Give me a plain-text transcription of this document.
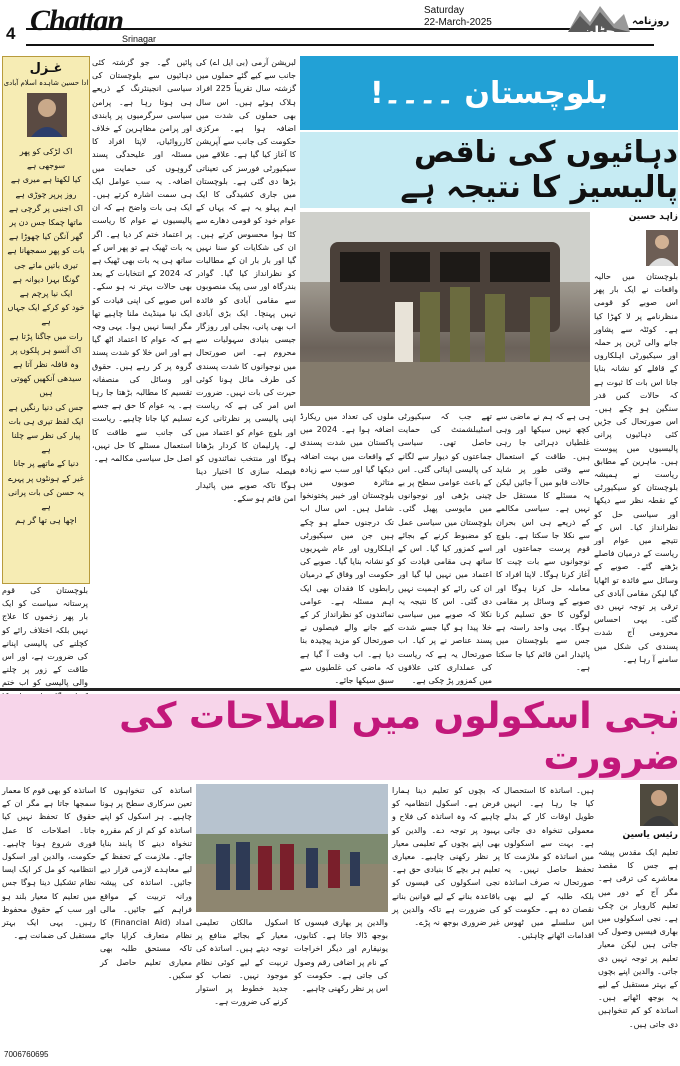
4 Chattan
Srinagar
Saturday
22-March-2025
چٹان
روزنامہ
غـزل
ادا حسین شاہدہ اسلام آبادی
اک لڑکی کو پھر سوجھی ہے
کیا لکھتا ہے میری ہے
روز پرپر چوڑی ہے
اک اجنبی پر گرچی ہے
ماتھا چمکا جس دن پر
گھر آنگن کیا چھوڑا ہے
بات کو پھر سمجھانا ہے
تیری باتیں ماتے جی
گونگا بہرا دیوانہ ہے
ایک نیا پرچم ہے
خود کو کرکے ایک جہاں ہے
رات میں جاگنا پڑتا ہے
اک آنسو ہر پلکوں پر
وہ قافلہ نظر آتا ہے
سیدھی آنکھیں کھوتی ہیں
جس کی دنیا رنگیں ہے
ایک لفظ تیری ہی بات
پیار کی نظر سے چلنا ہے
دنیا کے ماتھے پر جانا
غیر کے ہونٹوں پر پہرے
یہ حسن کی بات پرانی ہے
اچھا ہی تھا گر ہم
بلوچستان کی قوم پرستانہ سیاست کو ایک بار پھر زخموں کا علاج نہیں بلکہ اختلاف رائے کو کچلنے کی پالیسی اپنانے کی ضرورت ہے، اور اس طاقت کے زور پر چلنے والی پالیسی کو اب ختم
پائیں گے۔ جو گزشتہ کئی دہائیوں سے بلوچستان کی سیاسی انجینئرنگ کے ذریعے ہی ہوتا رہا ہے۔ پرامن سیاسی سرگرمیوں پر پابندی اور پرامن مظاہرین کے خلاف کارروائیاں، لاپتا افراد کا مسئلہ اور علیحدگی پسند گروہوں کی حمایت میں اضافہ۔ یہ سب عوامل ایک ہی سمت اشارہ کرتے ہیں۔ ایک ہی بات واضح ہے کہ ان پالیسیوں نے عوام کا ریاست پر اعتماد ختم کر دیا ہے۔ اگر یہ بات ٹھیک ہے تو پھر اس کے ساتھ ہی یہ بات بھی ٹھیک ہے کہ 2024 کے انتخابات کے بعد بھی حالات بہتر نہ ہو سکے۔ اس صوبے کی اپنی قیادت کو ایک نیا مینڈیٹ ملنا چاہیے تھا مگر ایسا نہیں ہوا۔ یہی وجہ ہے کہ عوام کا اعتماد اٹھ گیا ہے اور اس خلا کو شدت پسند گروہ پر کر رہے ہیں۔ حقوق اور وسائل کی منصفانہ تقسیم کا مطالبہ بڑھتا جا رہا ہے۔ یہ عوام کا حق ہے جسے تسلیم کیا جانا چاہیے۔ ریاست کی جانب سے طاقت کا استعمال مسئلے کا حل نہیں، اصل حل سیاسی مکالمہ ہے۔
لبریشن آرمی (بی ایل اے) کی جانب سے کیے گئے حملوں میں گزشتہ سال تقریباً 225 افراد ہلاک ہوئے ہیں۔ اس سال بھی حملوں کی شدت میں اضافہ ہوا ہے۔ مرکزی حکومت کی جانب سے آپریشن کا آغاز کیا گیا ہے۔ علاقے میں سیکیورٹی فورسز کی تعیناتی بڑھا دی گئی ہے۔ بلوچستان میں جاری کشیدگی کا ایک اہم پہلو یہ ہے کہ یہاں کے عوام خود کو قومی دھارے سے کٹا ہوا محسوس کرتے ہیں۔ ان کی شکایات کو سنا نہیں گیا اور بار بار ان کے مطالبات کو نظرانداز کیا گیا۔ گوادر بندرگاہ اور سی پیک منصوبوں سے مقامی آبادی کو فائدہ نہیں پہنچا۔ ایک بڑی آبادی اب بھی پانی، بجلی اور روزگار جیسی بنیادی سہولیات سے محروم ہے۔ اس صورتحال میں نوجوانوں کا شدت پسندی کی طرف مائل ہونا کوئی حیرت کی بات نہیں۔ ضرورت اس امر کی ہے کہ ریاست اپنی پالیسی پر نظرثانی کرے اور بلوچ عوام کو اعتماد میں لے۔ پارلیمان کا کردار بڑھانا ہوگا اور منتخب نمائندوں کو فیصلہ سازی کا اختیار دینا ہوگا تاکہ صوبے میں پائیدار امن قائم ہو سکے۔
بلوچستان ۔۔۔۔!
دہائیوں کی ناقص پالیسیز کا نتیجہ ہے
زاہد حسین
بلوچستان میں حالیہ واقعات نے ایک بار پھر اس صوبے کو قومی منظرنامے پر لا کھڑا کیا ہے۔ کوئٹہ سے پشاور جانے والی ٹرین پر حملہ اور سیکیورٹی اہلکاروں کے قافلے کو نشانہ بنایا جانا اس بات کا ثبوت ہے کہ حالات کس قدر سنگین ہو چکے ہیں۔ اس صورتحال کی جڑیں کئی دہائیوں پرانی پالیسیوں میں پیوست ہیں۔ ماہرین کے مطابق ریاست نے ہمیشہ بلوچستان کو سیکیورٹی کے نقطہ نظر سے دیکھا اور سیاسی حل کو نظرانداز کیا۔ اس کے نتیجے میں عوام اور ریاست کے درمیان فاصلے بڑھتے گئے۔ صوبے کے وسائل سے فائدہ تو اٹھایا گیا لیکن مقامی آبادی کی ترقی پر توجہ نہیں دی گئی۔ یہی احساس محرومی آج شدت پسندی کی شکل میں سامنے آ رہا ہے۔
ملوں کی تعداد میں ریکارڈ اضافہ ہوا ہے۔ 2024 میں پاکستان میں شدت پسندی کے واقعات میں بہت اضافہ دیکھا گیا اور سب سے زیادہ متاثرہ صوبوں میں بلوچستان اور خیبر پختونخوا شامل ہیں۔ اس سال اب تک درجنوں حملے ہو چکے ہیں جن میں سیکیورٹی اہلکاروں اور عام شہریوں کو نشانہ بنایا گیا۔ صوبے کی حکومت اور وفاق کے درمیان رابطوں کا فقدان بھی ایک اہم مسئلہ ہے۔ عوامی نمائندوں کو نظرانداز کر کے کیے جانے والے فیصلوں نے صورتحال کو مزید پیچیدہ بنا دیا ہے۔ اب وقت آ گیا ہے کہ ماضی کی غلطیوں سے سبق سیکھا جائے۔
تھے جب کہ سیکیورٹی اسٹیبلشمنٹ کی حمایت حاصل تھی۔ سیاسی جماعتوں کو دیوار سے لگانے کی پالیسی اپنائی گئی۔ اس کے باعث عوامی سطح پر بے چینی بڑھی اور نوجوانوں میں مایوسی پھیل گئی۔ بلوچستان میں سیاسی عمل کو مضبوط کرنے کے بجائے اسے کمزور کیا گیا۔ اس کے ساتھ ہی مقامی قیادت کو اعتماد میں نہیں لیا گیا اور ان کی رائے کو اہمیت نہیں دی گئی۔ اس کا نتیجہ یہ نکلا کہ صوبے میں سیاسی خلا پیدا ہو گیا جسے شدت پسند عناصر نے پر کیا۔ اب صورتحال یہ ہے کہ ریاست کی عملداری کئی علاقوں میں کمزور پڑ چکی ہے۔
ہی ہے کہ ہم نے ماضی سے کچھ نہیں سیکھا اور وہی غلطیاں دہرائی جا رہی ہیں۔ طاقت کے استعمال سے وقتی طور پر شاید حالات قابو میں آ جائیں لیکن یہ مسئلے کا مستقل حل نہیں ہے۔ سیاسی مکالمے کے ذریعے ہی اس بحران سے نکلا جا سکتا ہے۔ بلوچ قوم پرست جماعتوں اور نوجوانوں سے بات چیت کا آغاز کرنا ہوگا۔ لاپتا افراد کا معاملہ حل کرنا ہوگا اور صوبے کے وسائل پر مقامی لوگوں کا حق تسلیم کرنا ہوگا۔ یہی واحد راستہ ہے جس سے بلوچستان میں پائیدار امن قائم کیا جا سکتا ہے۔
نجی اسکولوں میں اصلاحات کی ضرورت
رئیس یاسین
تعلیم ایک مقدس پیشہ ہے جس کا مقصد معاشرے کی ترقی ہے۔ مگر آج کے دور میں تعلیم کاروبار بن چکی ہے۔ نجی اسکولوں میں بھاری فیسیں وصول کی جاتی ہیں لیکن معیار تعلیم پر توجہ نہیں دی جاتی۔ والدین اپنے بچوں کے بہتر مستقبل کے لیے یہ بوجھ اٹھاتے ہیں۔ اساتذہ کو کم تنخواہیں دی جاتی ہیں۔
ہیں۔ اساتذہ کا استحصال کیا جا رہا ہے۔ انہیں طویل اوقات کار کے بدلے معمولی تنخواہ دی جاتی ہے۔ بہت سے اسکولوں میں اساتذہ کو ملازمت کا تحفظ حاصل نہیں۔ یہ صورتحال نہ صرف اساتذہ بلکہ طلبہ کے لیے بھی نقصان دہ ہے۔ حکومت کو اس سلسلے میں ٹھوس اقدامات اٹھانے چاہئیں۔
کہ بچوں کو تعلیم دینا ہمارا فرض ہے۔ اسکول انتظامیہ کو چاہیے کہ وہ اساتذہ کی فلاح و بہبود پر توجہ دے۔ والدین کو بھی اپنے بچوں کے تعلیمی معیار پر نظر رکھنی چاہیے۔ معیاری تعلیم ہر بچے کا بنیادی حق ہے۔ نجی اسکولوں کی فیسوں کو باقاعدہ بنانے کے لیے قوانین بنانے کی ضرورت ہے تاکہ والدین پر غیر ضروری بوجھ نہ پڑے۔
اسکول مالکان تعلیمی معیار کے بجائے منافع پر توجہ دیتے ہیں۔ اساتذہ کی تربیت کے لیے کوئی نظام موجود نہیں۔ نصاب کو جدید خطوط پر استوار کرنے کی ضرورت ہے۔
والدین پر بھاری فیسوں کا بوجھ ڈالا جاتا ہے۔ کتابوں، یونیفارم اور دیگر اخراجات کے نام پر اضافی رقم وصول کی جاتی ہے۔ حکومت کو اس پر نظر رکھنی چاہیے۔
اساتذہ کی تنخواہوں کا تعین سرکاری سطح پر ہونا چاہیے۔ ہر اسکول کو اپنے اساتذہ کو کم از کم مقررہ تنخواہ دینے کا پابند بنایا جائے۔ ملازمت کے تحفظ کے لیے معاہدے لازمی قرار دیے جائیں۔ اساتذہ کی پیشہ ورانہ تربیت کے مواقع فراہم کیے جائیں۔ مالی امداد (Financial Aid) کا نظام متعارف کرایا جائے تاکہ مستحق طلبہ بھی معیاری تعلیم حاصل کر سکیں۔
اساتذہ کو بھی قوم کا معمار سمجھا جاتا ہے مگر ان کے حقوق کا تحفظ نہیں کیا جاتا۔ اصلاحات کا عمل فوری شروع ہونا چاہیے۔ حکومت، والدین اور اسکول انتظامیہ کو مل کر ایک ایسا نظام تشکیل دینا ہوگا جس میں تعلیم کا معیار بلند ہو اور سب کے حقوق محفوظ رہیں۔ یہی ایک بہتر مستقبل کی ضمانت ہے۔
7006760695
